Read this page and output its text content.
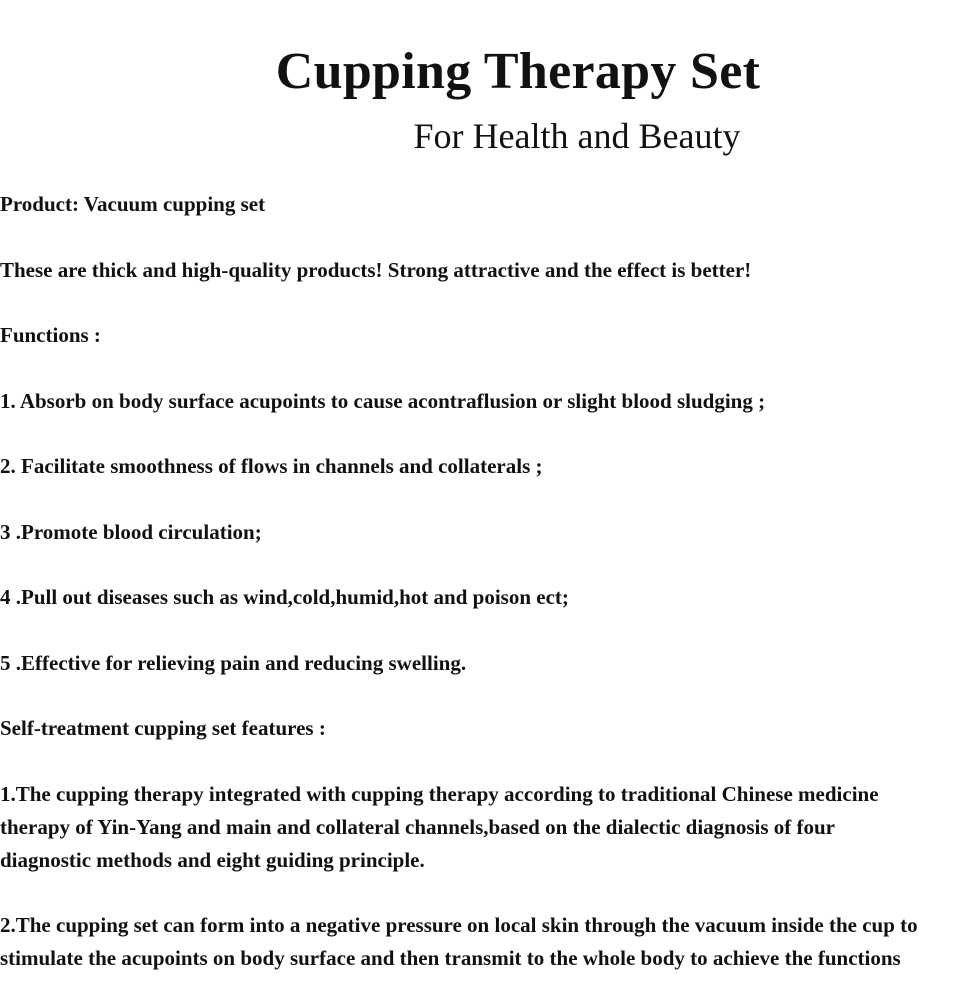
Cupping Therapy Set
For Health and Beauty

Product: Vacuum cupping set

These are thick and high-quality products! Strong attractive and the effect is better!

Functions :

1. Absorb on body surface acupoints to cause acontraflusion or slight blood sludging ;

2. Facilitate smoothness of flows in channels and collaterals ;

3 .Promote blood circulation;

4 .Pull out diseases such as wind,cold,humid,hot and poison ect;

5 .Effective for relieving pain and reducing swelling.

Self-treatment cupping set features :

1.The cupping therapy integrated with cupping therapy according to traditional Chinese medicine therapy of Yin-Yang and main and collateral channels,based on the dialectic diagnosis of four diagnostic methods and eight guiding principle.

2.The cupping set can form into a negative pressure on local skin through the vacuum inside the cup to stimulate the acupoints on body surface and then transmit to the whole body to achieve the functions
